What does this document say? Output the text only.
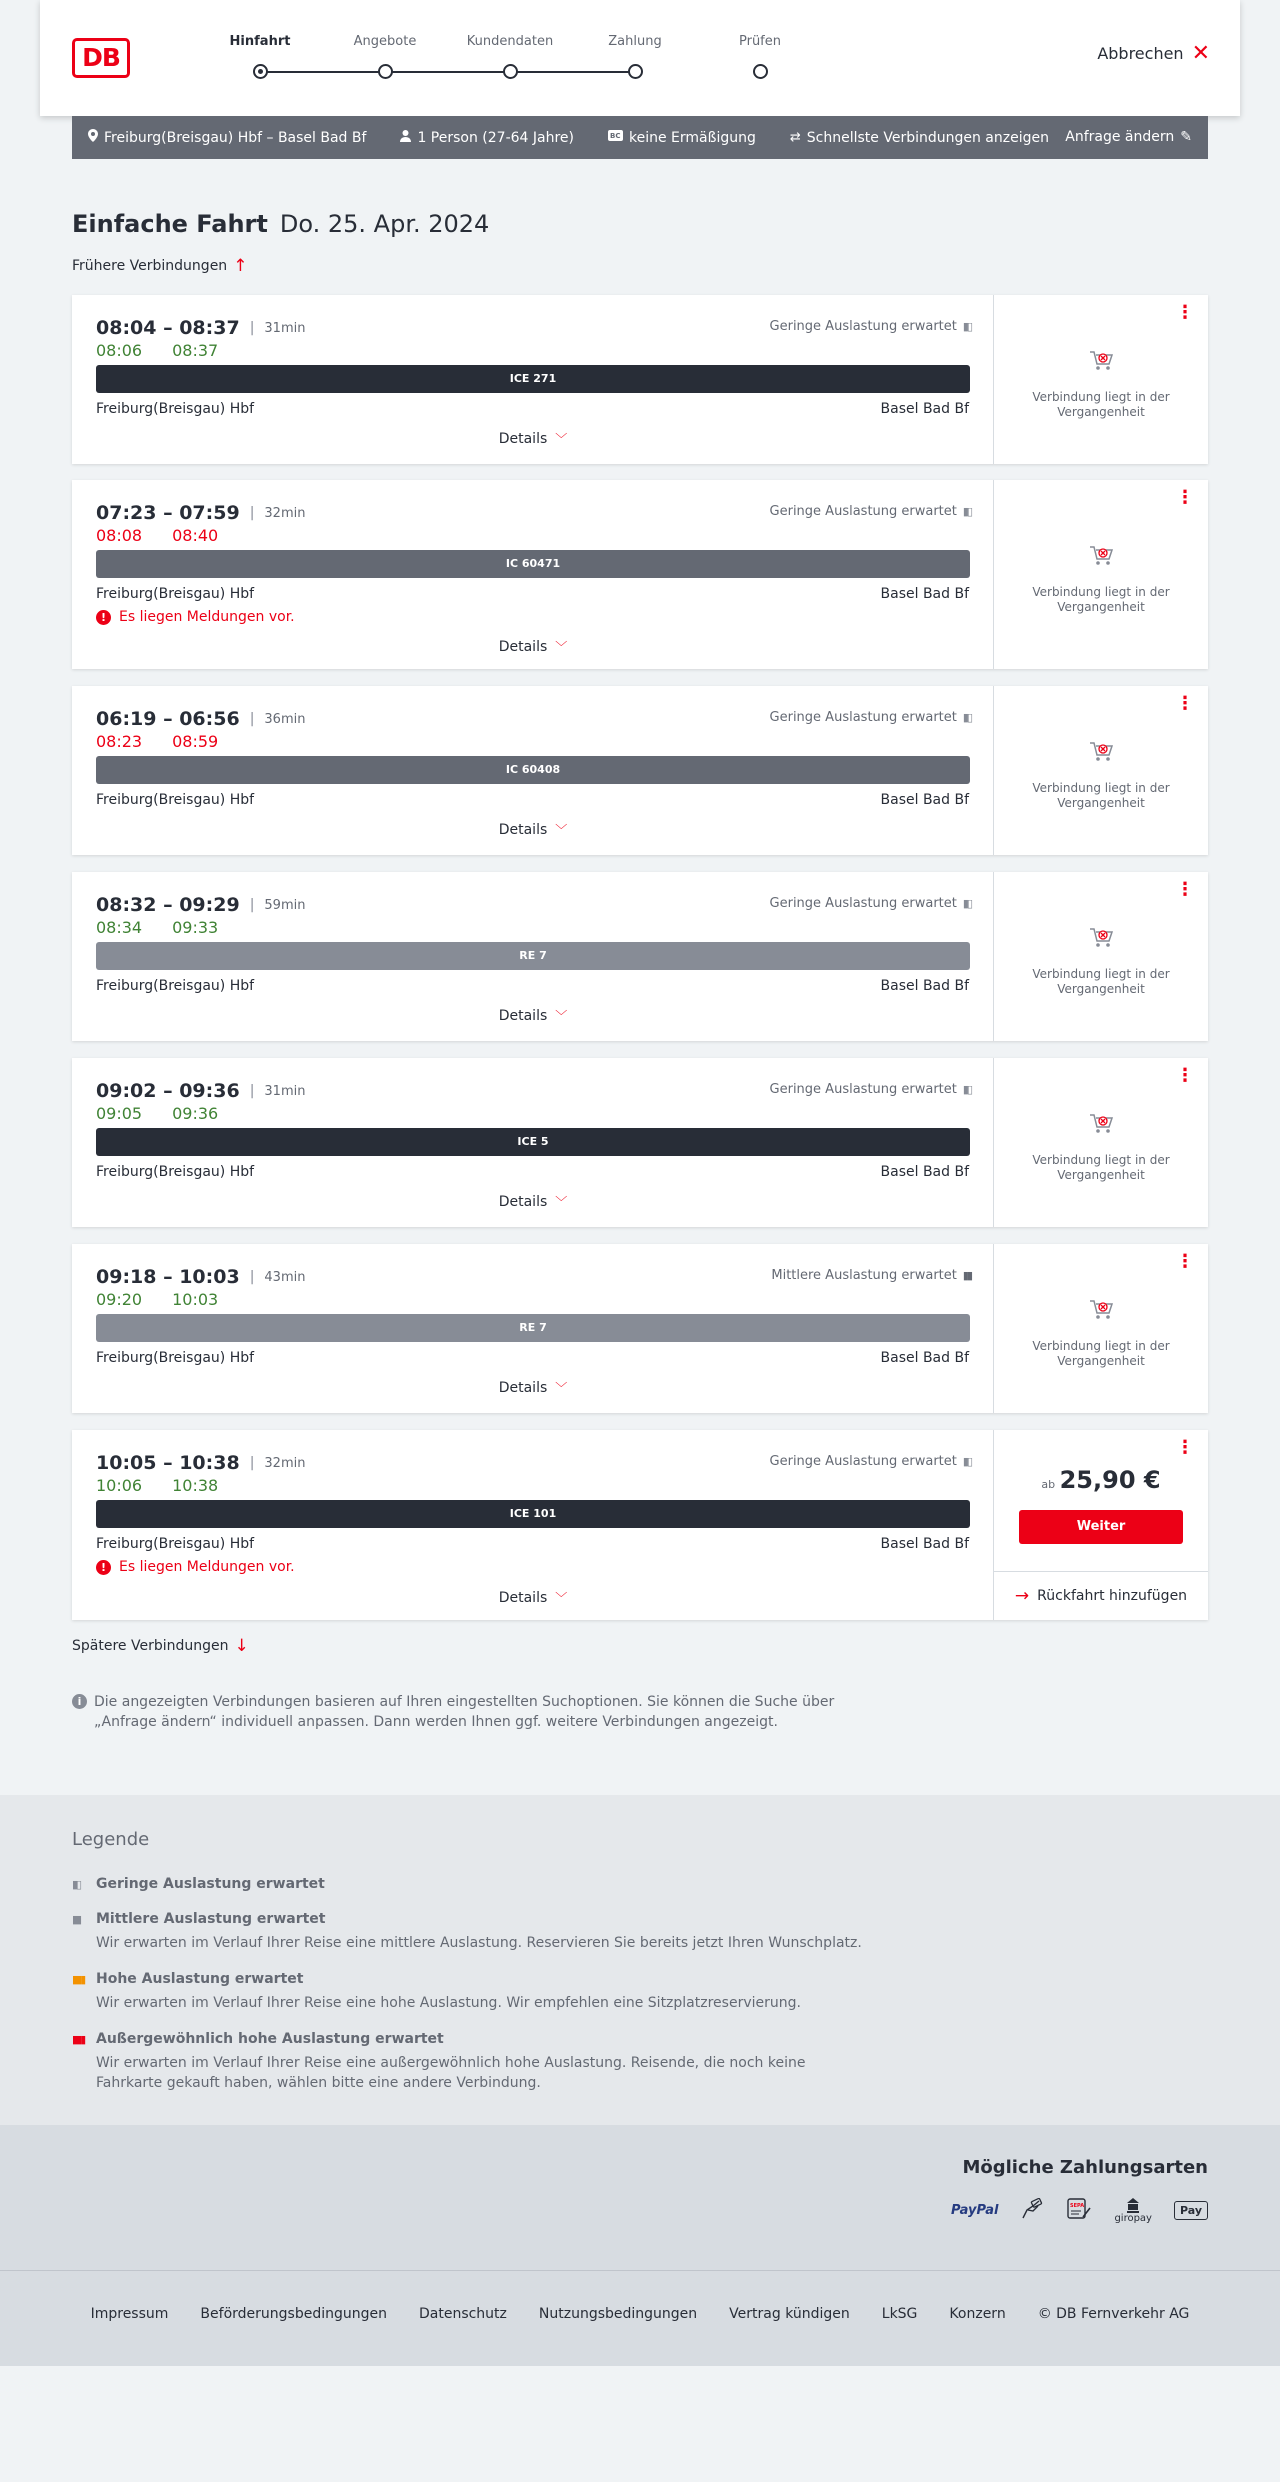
DB
Hinfahrt	Angebote	Kundendaten	Zahlung	Prüfen
Abbrechen ✕
Freiburg(Breisgau) Hbf – Basel Bad Bf	1 Person (27-64 Jahre)	BC keine Ermäßigung	⇄ Schnellste Verbindungen anzeigen Anfrage ändern ✎
Einfache Fahrt Do. 25. Apr. 2024
Frühere Verbindungen ↑
08:04 – 08:37 | 31min
08:06 08:37
Geringe Auslastung erwartet ▮▯
ICE 271
Freiburg(Breisgau) Hbf	Basel Bad Bf
Details ﹀
⋮
Verbindung liegt in der Vergangenheit
07:23 – 07:59 | 32min
08:08 08:40
Geringe Auslastung erwartet ▮▯
IC 60471
Freiburg(Breisgau) Hbf	Basel Bad Bf
! Es liegen Meldungen vor.
Details ﹀
⋮
Verbindung liegt in der Vergangenheit
06:19 – 06:56 | 36min
08:23 08:59
Geringe Auslastung erwartet ▮▯
IC 60408
Freiburg(Breisgau) Hbf	Basel Bad Bf
Details ﹀
⋮
Verbindung liegt in der Vergangenheit
08:32 – 09:29 | 59min
08:34 09:33
Geringe Auslastung erwartet ▮▯
RE 7
Freiburg(Breisgau) Hbf	Basel Bad Bf
Details ﹀
⋮
Verbindung liegt in der Vergangenheit
09:02 – 09:36 | 31min
09:05 09:36
Geringe Auslastung erwartet ▮▯
ICE 5
Freiburg(Breisgau) Hbf	Basel Bad Bf
Details ﹀
⋮
Verbindung liegt in der Vergangenheit
09:18 – 10:03 | 43min
09:20 10:03
Mittlere Auslastung erwartet ▮▮
RE 7
Freiburg(Breisgau) Hbf	Basel Bad Bf
Details ﹀
⋮
Verbindung liegt in der Vergangenheit
10:05 – 10:38 | 32min
10:06 10:38
Geringe Auslastung erwartet ▮▯
ICE 101
Freiburg(Breisgau) Hbf	Basel Bad Bf
! Es liegen Meldungen vor.
Details ﹀
⋮
ab 25,90 €
Weiter
→ Rückfahrt hinzufügen
Spätere Verbindungen ↓
i Die angezeigten Verbindungen basieren auf Ihren eingestellten Suchoptionen. Sie können die Suche über „Anfrage ändern“ individuell anpassen. Dann werden Ihnen ggf. weitere Verbindungen angezeigt.
Legende
▮▯	Geringe Auslastung erwartet
▮▮	Mittlere Auslastung erwartet
Wir erwarten im Verlauf Ihrer Reise eine mittlere Auslastung. Reservieren Sie bereits jetzt Ihren Wunschplatz.
▮▮▮ Hohe Auslastung erwartet
Wir erwarten im Verlauf Ihrer Reise eine hohe Auslastung. Wir empfehlen eine Sitzplatzreservierung.
▮▮▮ Außergewöhnlich hohe Auslastung erwartet
Wir erwarten im Verlauf Ihrer Reise eine außergewöhnlich hohe Auslastung. Reisende, die noch keine Fahrkarte gekauft haben, wählen bitte eine andere Verbindung.
Mögliche Zahlungsarten
PayPal	SEPA
giropay
Pay
Impressum Beförderungsbedingungen Datenschutz Nutzungsbedingungen Vertrag kündigen LkSG Konzern © DB Fernverkehr AG
